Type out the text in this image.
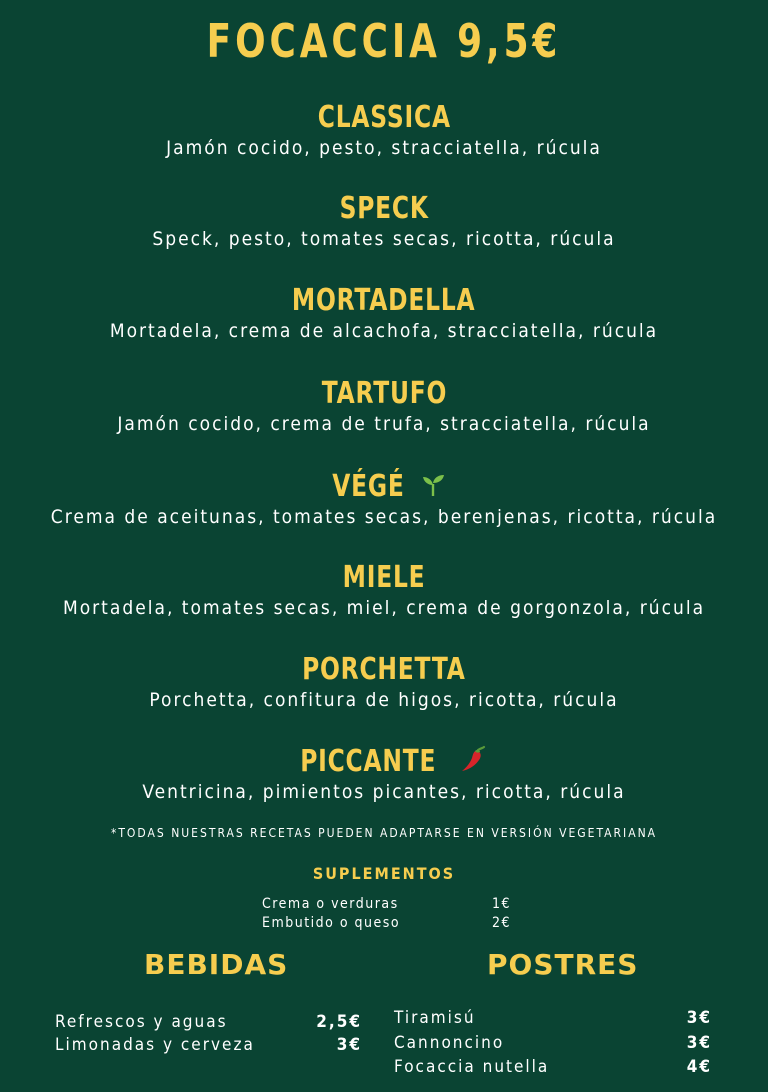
FOCACCIA 9,5€
CLASSICA
Jamón cocido, pesto, stracciatella, rúcula
SPECK
Speck, pesto, tomates secas, ricotta, rúcula
MORTADELLA
Mortadela, crema de alcachofa, stracciatella, rúcula
TARTUFO
Jamón cocido, crema de trufa, stracciatella, rúcula
VÉGÉ
Crema de aceitunas, tomates secas, berenjenas, ricotta, rúcula
MIELE
Mortadela, tomates secas, miel, crema de gorgonzola, rúcula
PORCHETTA
Porchetta, confitura de higos, ricotta, rúcula
PICCANTE
Ventricina, pimientos picantes, ricotta, rúcula
*TODAS NUESTRAS RECETAS PUEDEN ADAPTARSE EN VERSIÓN VEGETARIANA
SUPLEMENTOS
Crema o verduras	1€
Embutido o queso	2€
BEBIDAS	POSTRES
Refrescos y aguas	2,5€
Limonadas y cerveza	3€
Tiramisú	3€
Cannoncino	3€
Focaccia nutella	4€
